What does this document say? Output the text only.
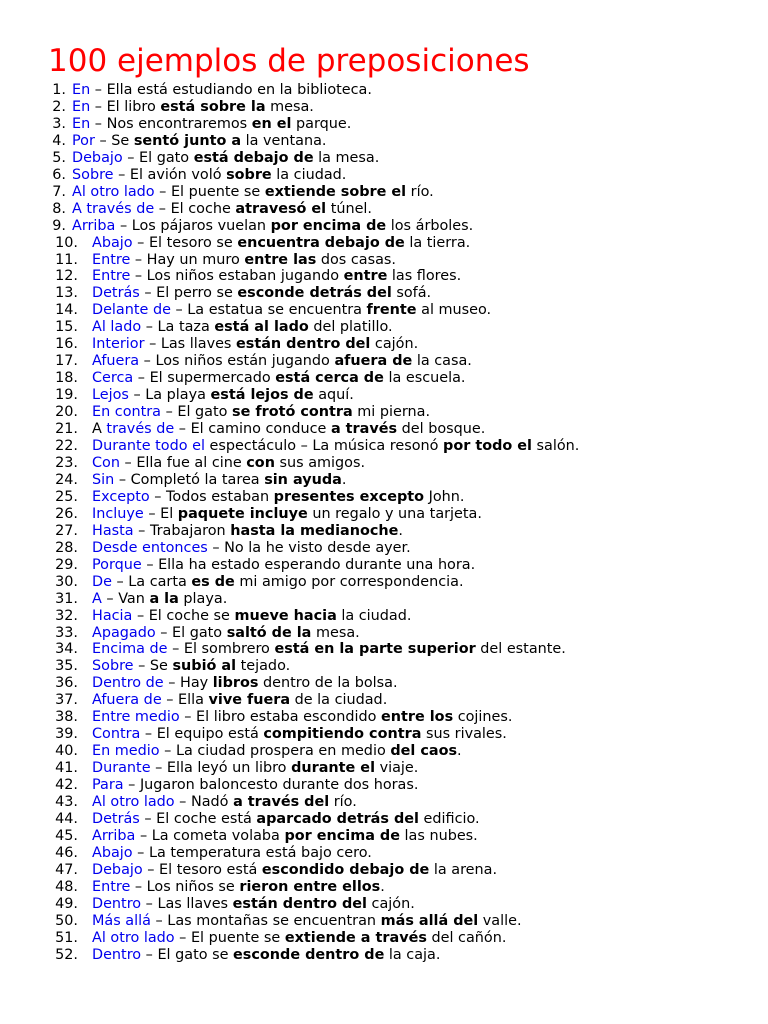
100 ejemplos de preposiciones
1. En – Ella está estudiando en la biblioteca.
2. En – El libro está sobre la mesa.
3. En – Nos encontraremos en el parque.
4. Por – Se sentó junto a la ventana.
5. Debajo – El gato está debajo de la mesa.
6. Sobre – El avión voló sobre la ciudad.
7. Al otro lado – El puente se extiende sobre el río.
8. A través de – El coche atravesó el túnel.
9. Arriba – Los pájaros vuelan por encima de los árboles.
10. Abajo – El tesoro se encuentra debajo de la tierra.
11. Entre – Hay un muro entre las dos casas.
12. Entre – Los niños estaban jugando entre las flores.
13. Detrás – El perro se esconde detrás del sofá.
14. Delante de – La estatua se encuentra frente al museo.
15. Al lado – La taza está al lado del platillo.
16. Interior – Las llaves están dentro del cajón.
17. Afuera – Los niños están jugando afuera de la casa.
18. Cerca – El supermercado está cerca de la escuela.
19. Lejos – La playa está lejos de aquí.
20. En contra – El gato se frotó contra mi pierna.
21. A través de – El camino conduce a través del bosque.
22. Durante todo el espectáculo – La música resonó por todo el salón.
23. Con – Ella fue al cine con sus amigos.
24. Sin – Completó la tarea sin ayuda.
25. Excepto – Todos estaban presentes excepto John.
26. Incluye – El paquete incluye un regalo y una tarjeta.
27. Hasta – Trabajaron hasta la medianoche.
28. Desde entonces – No la he visto desde ayer.
29. Porque – Ella ha estado esperando durante una hora.
30. De – La carta es de mi amigo por correspondencia.
31. A – Van a la playa.
32. Hacia – El coche se mueve hacia la ciudad.
33. Apagado – El gato saltó de la mesa.
34. Encima de – El sombrero está en la parte superior del estante.
35. Sobre – Se subió al tejado.
36. Dentro de – Hay libros dentro de la bolsa.
37. Afuera de – Ella vive fuera de la ciudad.
38. Entre medio – El libro estaba escondido entre los cojines.
39. Contra – El equipo está compitiendo contra sus rivales.
40. En medio – La ciudad prospera en medio del caos.
41. Durante – Ella leyó un libro durante el viaje.
42. Para – Jugaron baloncesto durante dos horas.
43. Al otro lado – Nadó a través del río.
44. Detrás – El coche está aparcado detrás del edificio.
45. Arriba – La cometa volaba por encima de las nubes.
46. Abajo – La temperatura está bajo cero.
47. Debajo – El tesoro está escondido debajo de la arena.
48. Entre – Los niños se rieron entre ellos.
49. Dentro – Las llaves están dentro del cajón.
50. Más allá – Las montañas se encuentran más allá del valle.
51. Al otro lado – El puente se extiende a través del cañón.
52. Dentro – El gato se esconde dentro de la caja.
